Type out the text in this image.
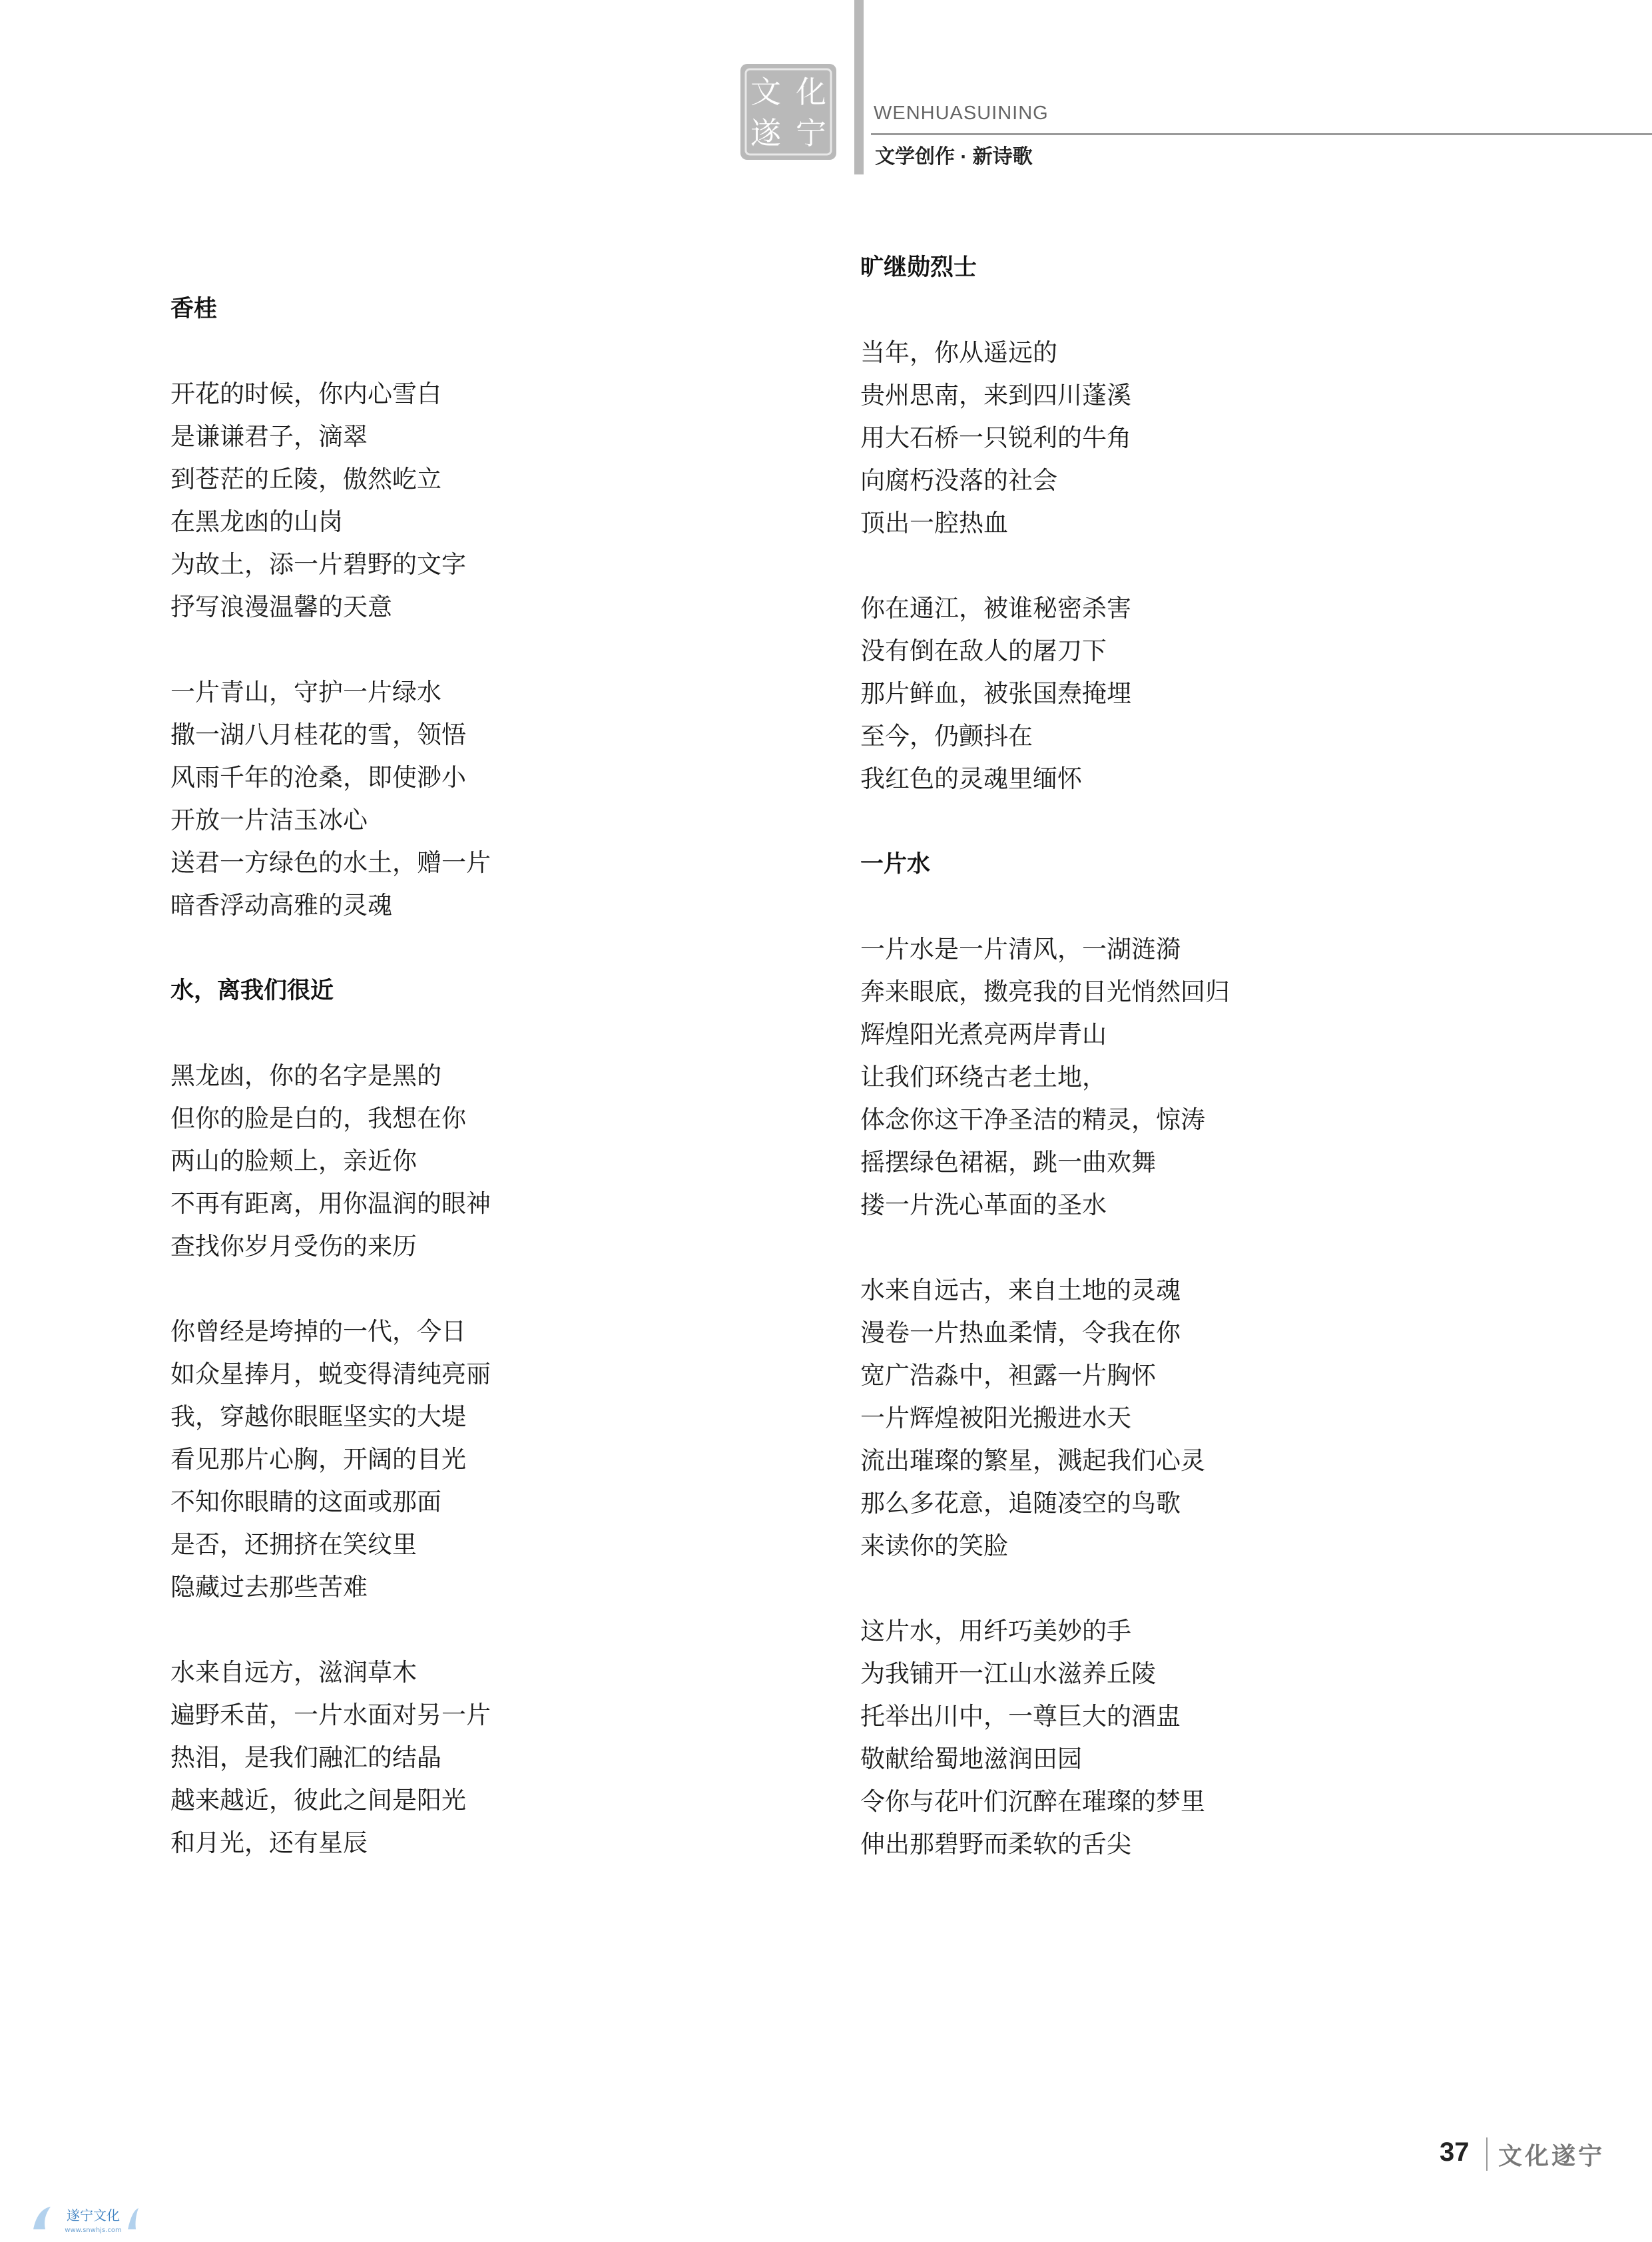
文 化
遂 宁
WENHUASUINING
文学创作 · 新诗歌
香桂
开花的时候，你内心雪白
是谦谦君子，滴翠
到苍茫的丘陵，傲然屹立
在黑龙凼的山岗
为故土，添一片碧野的文字
抒写浪漫温馨的天意
一片青山，守护一片绿水
撒一湖八月桂花的雪，领悟
风雨千年的沧桑，即使渺小
开放一片洁玉冰心
送君一方绿色的水土，赠一片
暗香浮动高雅的灵魂
水，离我们很近
黑龙凼，你的名字是黑的
但你的脸是白的，我想在你
两山的脸颊上，亲近你
不再有距离，用你温润的眼神
查找你岁月受伤的来历
你曾经是垮掉的一代，今日
如众星捧月，蜕变得清纯亮丽
我，穿越你眼眶坚实的大堤
看见那片心胸，开阔的目光
不知你眼睛的这面或那面
是否，还拥挤在笑纹里
隐藏过去那些苦难
水来自远方，滋润草木
遍野禾苗，一片水面对另一片
热泪，是我们融汇的结晶
越来越近，彼此之间是阳光
和月光，还有星辰
旷继勋烈士
当年，你从遥远的
贵州思南，来到四川蓬溪
用大石桥一只锐利的牛角
向腐朽没落的社会
顶出一腔热血
你在通江，被谁秘密杀害
没有倒在敌人的屠刀下
那片鲜血，被张国焘掩埋
至今，仍颤抖在
我红色的灵魂里缅怀
一片水
一片水是一片清风，一湖涟漪
奔来眼底，擞亮我的目光悄然回归
辉煌阳光煮亮两岸青山
让我们环绕古老土地，
体念你这干净圣洁的精灵，惊涛
摇摆绿色裙裾，跳一曲欢舞
搂一片洗心革面的圣水
水来自远古，来自土地的灵魂
漫卷一片热血柔情，令我在你
宽广浩淼中，袒露一片胸怀
一片辉煌被阳光搬进水天
流出璀璨的繁星，溅起我们心灵
那么多花意，追随凌空的鸟歌
来读你的笑脸
这片水，用纤巧美妙的手
为我铺开一江山水滋养丘陵
托举出川中，一尊巨大的酒盅
敬献给蜀地滋润田园
令你与花叶们沉醉在璀璨的梦里
伸出那碧野而柔软的舌尖
37 文化遂宁
遂宁文化
www.snwhjs.com
